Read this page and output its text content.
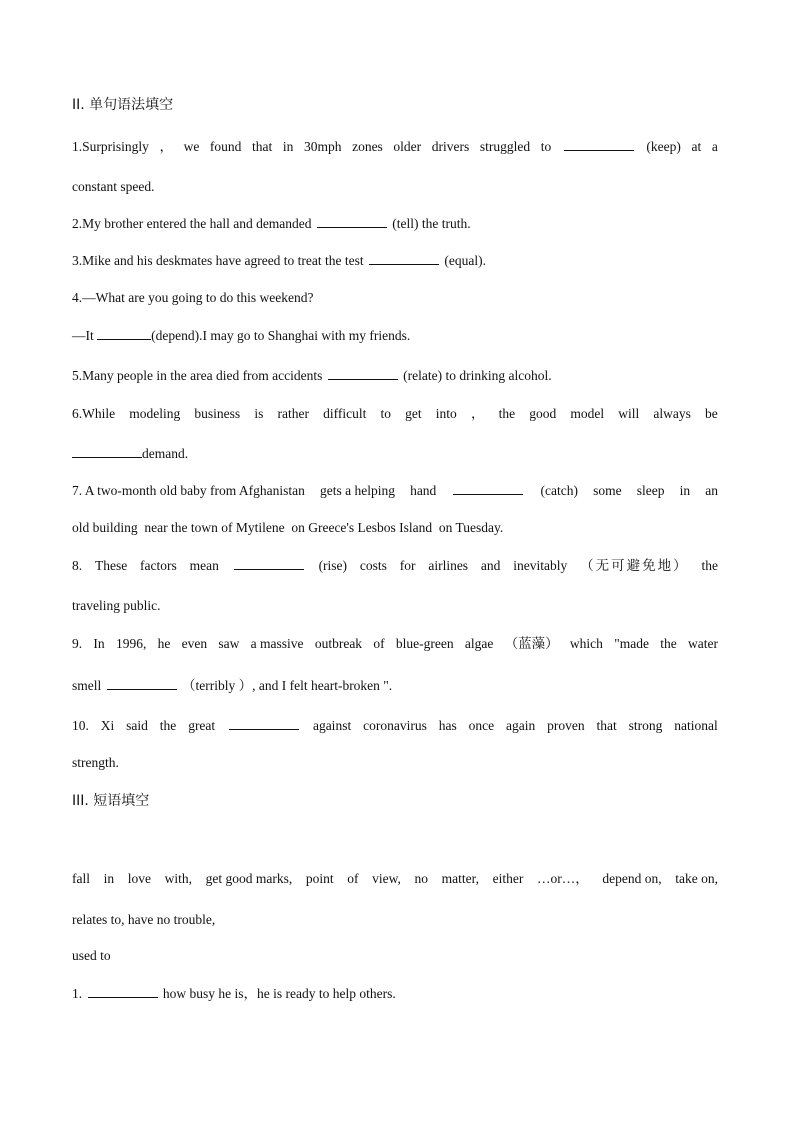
II. 单句语法填空
1.Surprisingly ， we found that in 30mph zones older drivers struggled to	(keep) at a
constant speed.
2.My brother entered the hall and demanded	(tell) the truth.
3.Mike and his deskmates have agreed to treat the test	(equal).
4.—What are you going to do this weekend?
—It	(depend).I may go to Shanghai with my friends.
5.Many people in the area died from accidents	(relate) to drinking alcohol.
6.While modeling business is rather difficult to get into ， the good model will always be
demand.
7. A two-month old baby from Afghanistan gets a helping hand	(catch) some sleep in an
old building  near the town of Mytilene  on Greece's Lesbos Island  on Tuesday.
8. These factors mean	(rise) costs for airlines and inevitably （无可避免地） the
traveling public.
9. In 1996, he even saw a massive outbreak of blue-green algae （蓝藻） which "made the water
smell	（terribly ）, and I felt heart-broken ".
10. Xi said the great	against coronavirus has once again proven that strong national
strength.
III. 短语填空
fall in love with, get good marks, point of view, no matter, either …or…， depend on, take on,
relates to, have no trouble,
used to
1.	how busy he is，he is ready to help others.
